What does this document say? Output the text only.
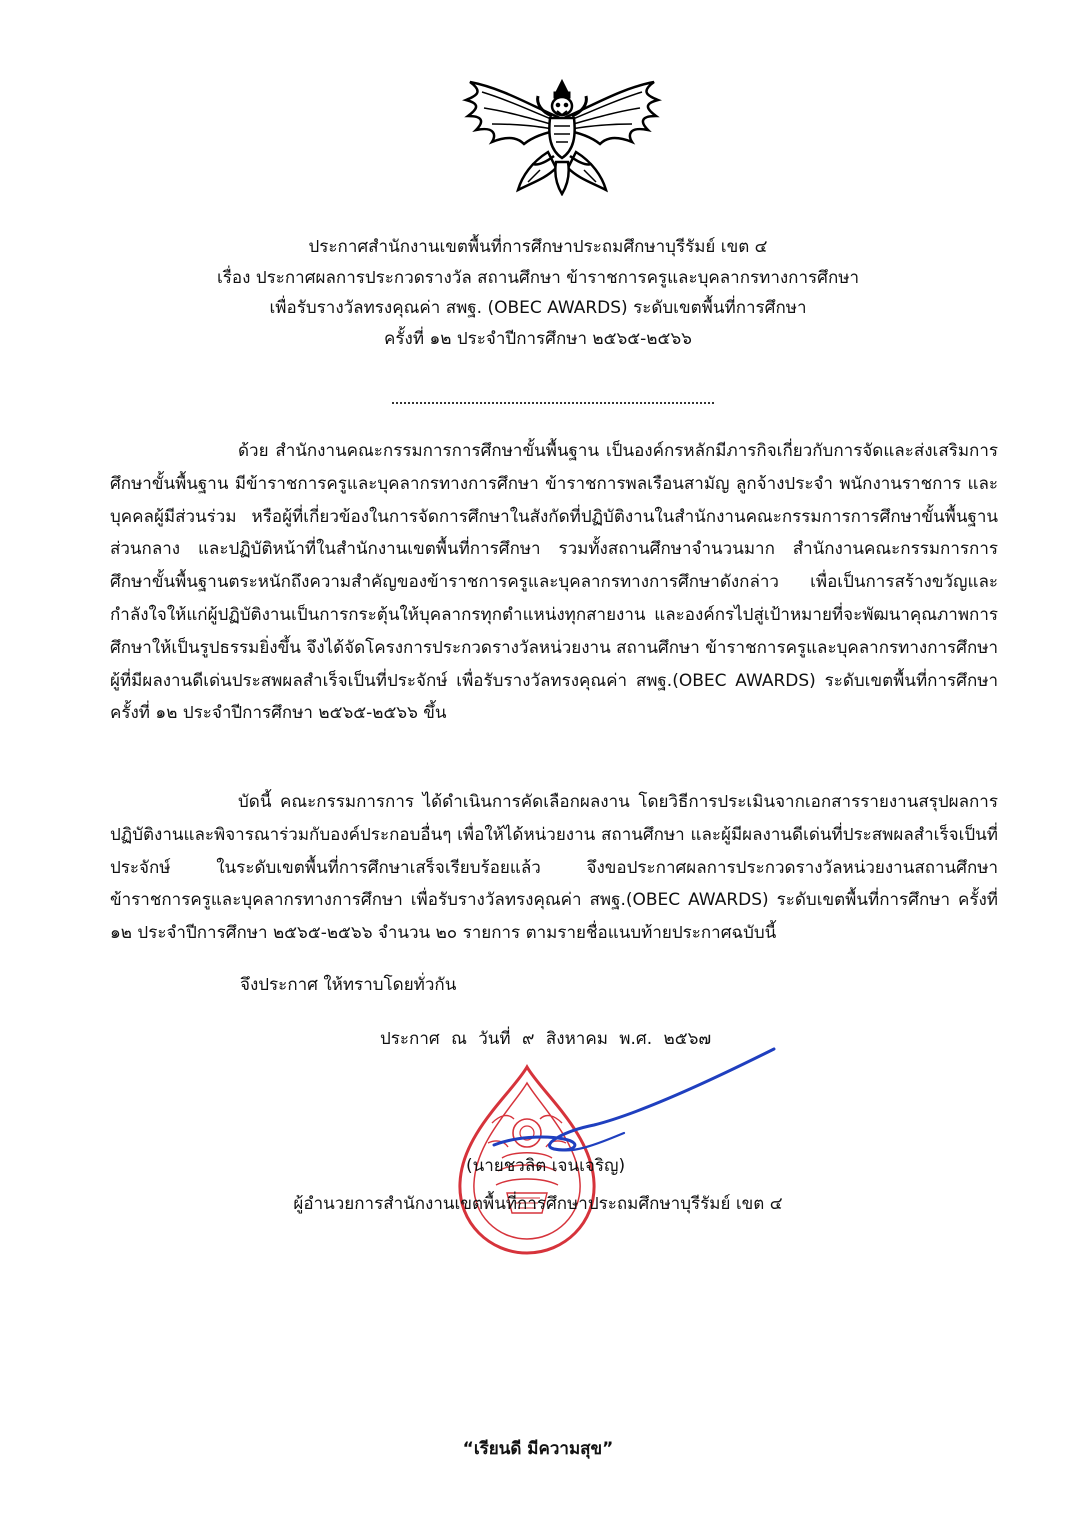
ประกาศสำนักงานเขตพื้นที่การศึกษาประถมศึกษาบุรีรัมย์ เขต ๔
เรื่อง ประกาศผลการประกวดรางวัล สถานศึกษา ข้าราชการครูและบุคลากรทางการศึกษา
เพื่อรับรางวัลทรงคุณค่า สพฐ. (OBEC AWARDS) ระดับเขตพื้นที่การศึกษา
ครั้งที่ ๑๒ ประจำปีการศึกษา ๒๕๖๕-๒๕๖๖

ด้วย สำนักงานคณะกรรมการการศึกษาขั้นพื้นฐาน เป็นองค์กรหลักมีภารกิจเกี่ยวกับการจัดและส่งเสริมการศึกษาขั้นพื้นฐาน มีข้าราชการครูและบุคลากรทางการศึกษา ข้าราชการพลเรือนสามัญ ลูกจ้างประจำ พนักงานราชการ และบุคคลผู้มีส่วนร่วม หรือผู้ที่เกี่ยวข้องในการจัดการศึกษาในสังกัดที่ปฏิบัติงานในสำนักงานคณะกรรมการการศึกษาขั้นพื้นฐานส่วนกลาง และปฏิบัติหน้าที่ในสำนักงานเขตพื้นที่การศึกษา รวมทั้งสถานศึกษาจำนวนมาก สำนักงานคณะกรรมการการศึกษาขั้นพื้นฐานตระหนักถึงความสำคัญของข้าราชการครูและบุคลากรทางการศึกษาดังกล่าว เพื่อเป็นการสร้างขวัญและกำลังใจให้แก่ผู้ปฏิบัติงานเป็นการกระตุ้นให้บุคลากรทุกตำแหน่งทุกสายงาน และองค์กรไปสู่เป้าหมายที่จะพัฒนาคุณภาพการศึกษาให้เป็นรูปธรรมยิ่งขึ้น จึงได้จัดโครงการประกวดรางวัลหน่วยงาน สถานศึกษา ข้าราชการครูและบุคลากรทางการศึกษา ผู้ที่มีผลงานดีเด่นประสพผลสำเร็จเป็นที่ประจักษ์ เพื่อรับรางวัลทรงคุณค่า สพฐ.(OBEC AWARDS) ระดับเขตพื้นที่การศึกษา ครั้งที่ ๑๒ ประจำปีการศึกษา ๒๕๖๕-๒๕๖๖ ขึ้น

บัดนี้ คณะกรรมการการ ได้ดำเนินการคัดเลือกผลงาน โดยวิธีการประเมินจากเอกสารรายงานสรุปผลการปฏิบัติงานและพิจารณาร่วมกับองค์ประกอบอื่นๆ เพื่อให้ได้หน่วยงาน สถานศึกษา และผู้มีผลงานดีเด่นที่ประสพผลสำเร็จเป็นที่ประจักษ์ ในระดับเขตพื้นที่การศึกษาเสร็จเรียบร้อยแล้ว จึงขอประกาศผลการประกวดรางวัลหน่วยงานสถานศึกษา ข้าราชการครูและบุคลากรทางการศึกษา เพื่อรับรางวัลทรงคุณค่า สพฐ.(OBEC AWARDS) ระดับเขตพื้นที่การศึกษา ครั้งที่ ๑๒ ประจำปีการศึกษา ๒๕๖๕-๒๕๖๖ จำนวน ๒๐ รายการ ตามรายชื่อแนบท้ายประกาศฉบับนี้

จึงประกาศ ให้ทราบโดยทั่วกัน
ประกาศ ณ วันที่ ๙ สิงหาคม พ.ศ. ๒๕๖๗
(นายชวลิต เจนเจริญ)
ผู้อำนวยการสำนักงานเขตพื้นที่การศึกษาประถมศึกษาบุรีรัมย์ เขต ๔
“เรียนดี มีความสุข”
